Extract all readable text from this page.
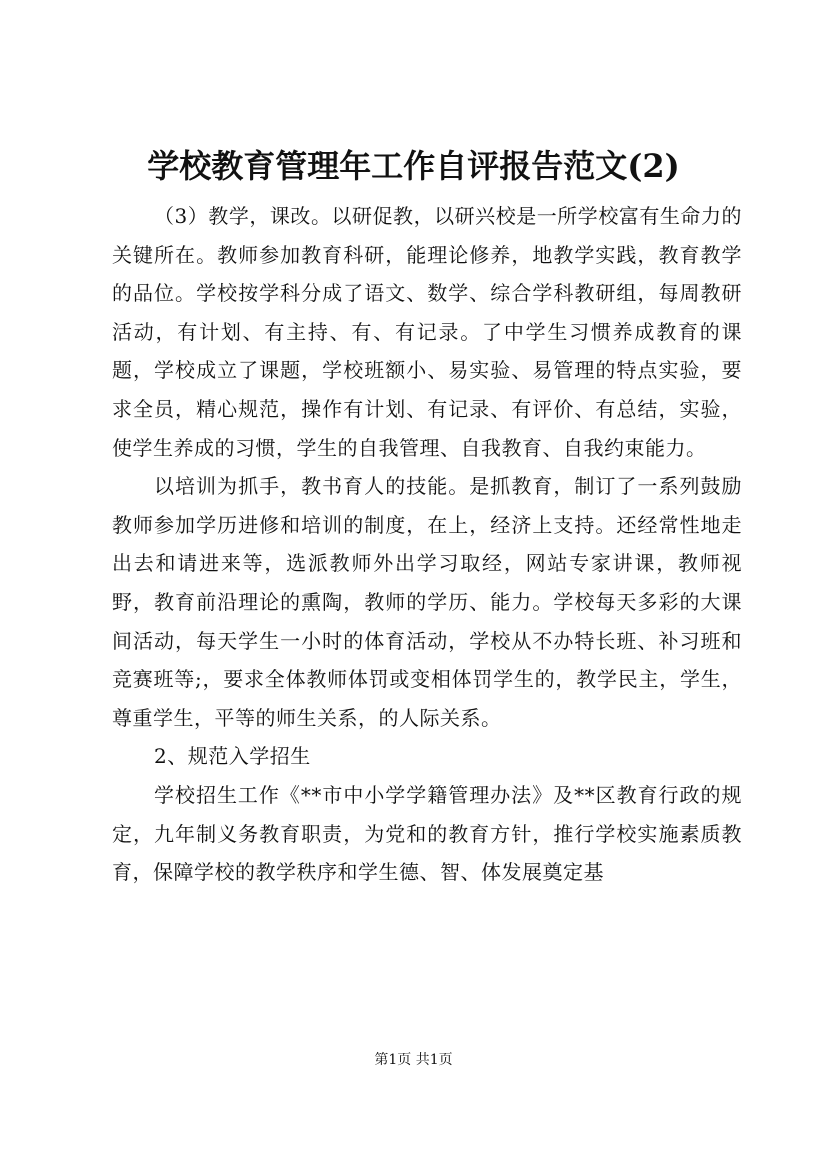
学校教育管理年工作自评报告范文(2)

（3）教学，课改。以研促教，以研兴校是一所学校富有生命力的关键所在。教师参加教育科研，能理论修养，地教学实践，教育教学的品位。学校按学科分成了语文、数学、综合学科教研组，每周教研活动，有计划、有主持、有、有记录。了中学生习惯养成教育的课题，学校成立了课题，学校班额小、易实验、易管理的特点实验，要求全员，精心规范，操作有计划、有记录、有评价、有总结，实验，使学生养成的习惯，学生的自我管理、自我教育、自我约束能力。

以培训为抓手，教书育人的技能。是抓教育，制订了一系列鼓励教师参加学历进修和培训的制度，在上，经济上支持。还经常性地走出去和请进来等，选派教师外出学习取经，网站专家讲课，教师视野，教育前沿理论的熏陶，教师的学历、能力。学校每天多彩的大课间活动，每天学生一小时的体育活动，学校从不办特长班、补习班和竞赛班等;，要求全体教师体罚或变相体罚学生的，教学民主，学生，尊重学生，平等的师生关系，的人际关系。

2、规范入学招生

学校招生工作《**市中小学学籍管理办法》及**区教育行政的规定，九年制义务教育职责，为党和的教育方针，推行学校实施素质教育，保障学校的教学秩序和学生德、智、体发展奠定基

第1页 共1页
